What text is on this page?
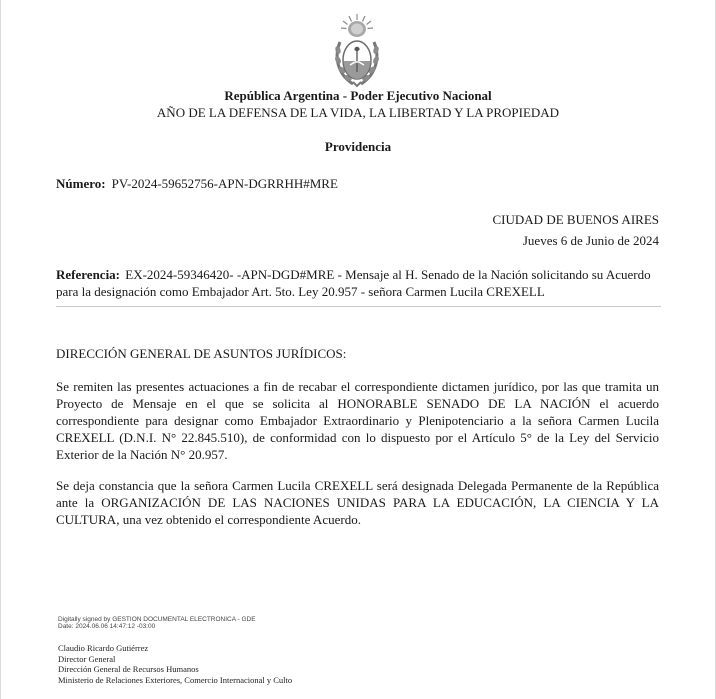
República Argentina - Poder Ejecutivo Nacional
AÑO DE LA DEFENSA DE LA VIDA, LA LIBERTAD Y LA PROPIEDAD
Providencia
Número: PV-2024-59652756-APN-DGRRHH#MRE
CIUDAD DE BUENOS AIRES
Jueves 6 de Junio de 2024
Referencia: EX-2024-59346420- -APN-DGD#MRE - Mensaje al H. Senado de la Nación solicitando su Acuerdo para la designación como Embajador Art. 5to. Ley 20.957 - señora Carmen Lucila CREXELL
DIRECCIÓN GENERAL DE ASUNTOS JURÍDICOS:
Se remiten las presentes actuaciones a fin de recabar el correspondiente dictamen jurídico, por las que tramita un Proyecto de Mensaje en el que se solicita al HONORABLE SENADO DE LA NACIÓN el acuerdo correspondiente para designar como Embajador Extraordinario y Plenipotenciario a la señora Carmen Lucila CREXELL (D.N.I. N° 22.845.510), de conformidad con lo dispuesto por el Artículo 5° de la Ley del Servicio Exterior de la Nación N° 20.957.
Se deja constancia que la señora Carmen Lucila CREXELL será designada Delegada Permanente de la República ante la ORGANIZACIÓN DE LAS NACIONES UNIDAS PARA LA EDUCACIÓN, LA CIENCIA Y LA CULTURA, una vez obtenido el correspondiente Acuerdo.
Digitally signed by GESTION DOCUMENTAL ELECTRONICA - GDE
Date: 2024.06.06 14:47:12 -03:00
Claudio Ricardo Gutiérrez
Director General
Dirección General de Recursos Humanos
Ministerio de Relaciones Exteriores, Comercio Internacional y Culto
